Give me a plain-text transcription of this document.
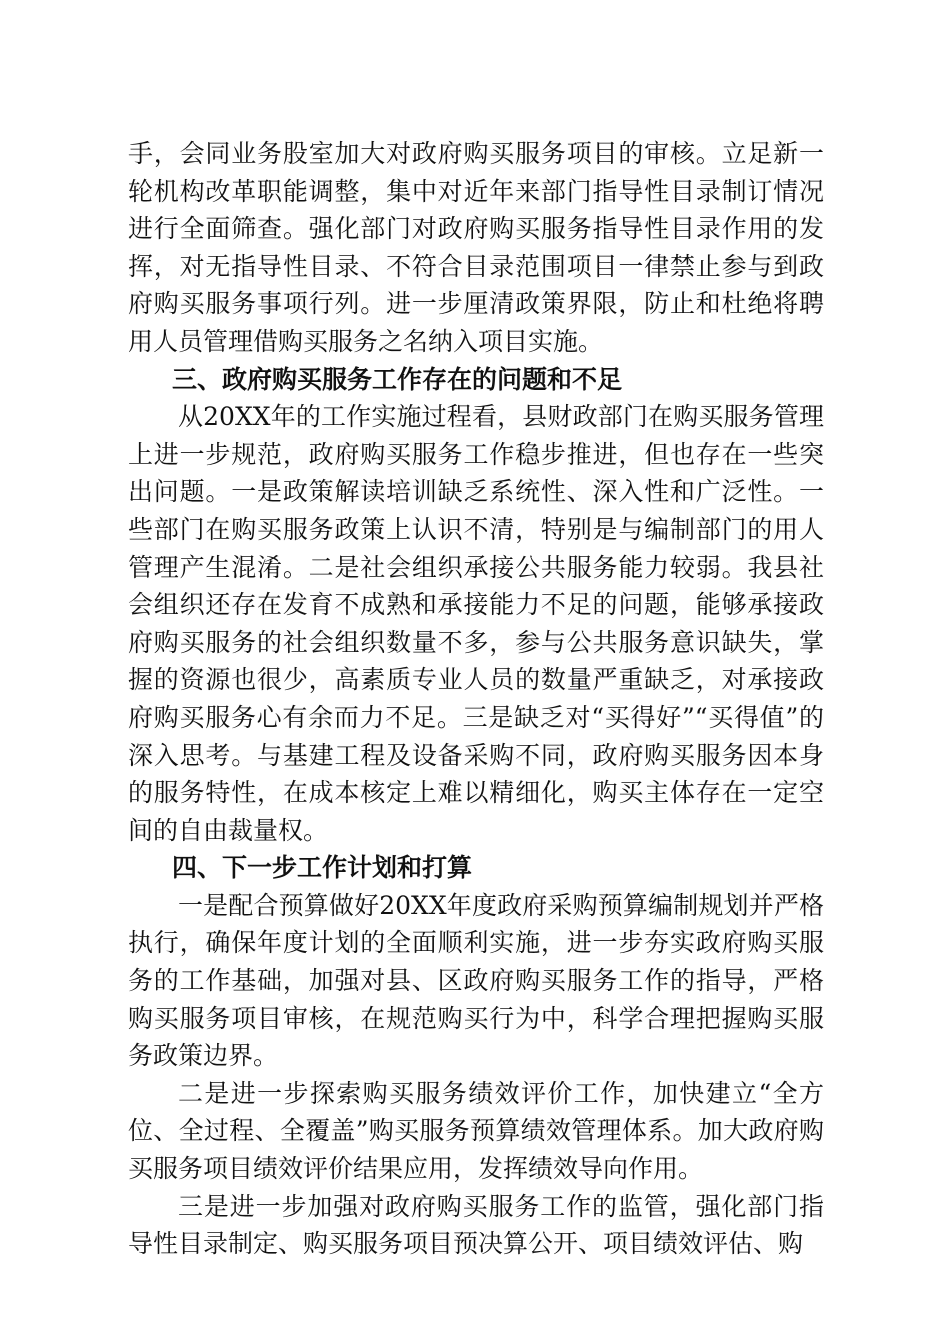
手，会同业务股室加大对政府购买服务项目的审核。立足新一轮机构改革职能调整，集中对近年来部门指导性目录制订情况进行全面筛查。强化部门对政府购买服务指导性目录作用的发挥，对无指导性目录、不符合目录范围项目一律禁止参与到政府购买服务事项行列。进一步厘清政策界限，防止和杜绝将聘用人员管理借购买服务之名纳入项目实施。

三、政府购买服务工作存在的问题和不足

从20XX年的工作实施过程看，县财政部门在购买服务管理上进一步规范，政府购买服务工作稳步推进，但也存在一些突出问题。一是政策解读培训缺乏系统性、深入性和广泛性。一些部门在购买服务政策上认识不清，特别是与编制部门的用人管理产生混淆。二是社会组织承接公共服务能力较弱。我县社会组织还存在发育不成熟和承接能力不足的问题，能够承接政府购买服务的社会组织数量不多，参与公共服务意识缺失，掌握的资源也很少，高素质专业人员的数量严重缺乏，对承接政府购买服务心有余而力不足。三是缺乏对“买得好”“买得值”的深入思考。与基建工程及设备采购不同，政府购买服务因本身的服务特性，在成本核定上难以精细化，购买主体存在一定空间的自由裁量权。

四、下一步工作计划和打算

一是配合预算做好20XX年度政府采购预算编制规划并严格执行，确保年度计划的全面顺利实施，进一步夯实政府购买服务的工作基础，加强对县、区政府购买服务工作的指导，严格购买服务项目审核，在规范购买行为中，科学合理把握购买服务政策边界。

二是进一步探索购买服务绩效评价工作，加快建立“全方位、全过程、全覆盖”购买服务预算绩效管理体系。加大政府购买服务项目绩效评价结果应用，发挥绩效导向作用。

三是进一步加强对政府购买服务工作的监管，强化部门指导性目录制定、购买服务项目预决算公开、项目绩效评估、购
